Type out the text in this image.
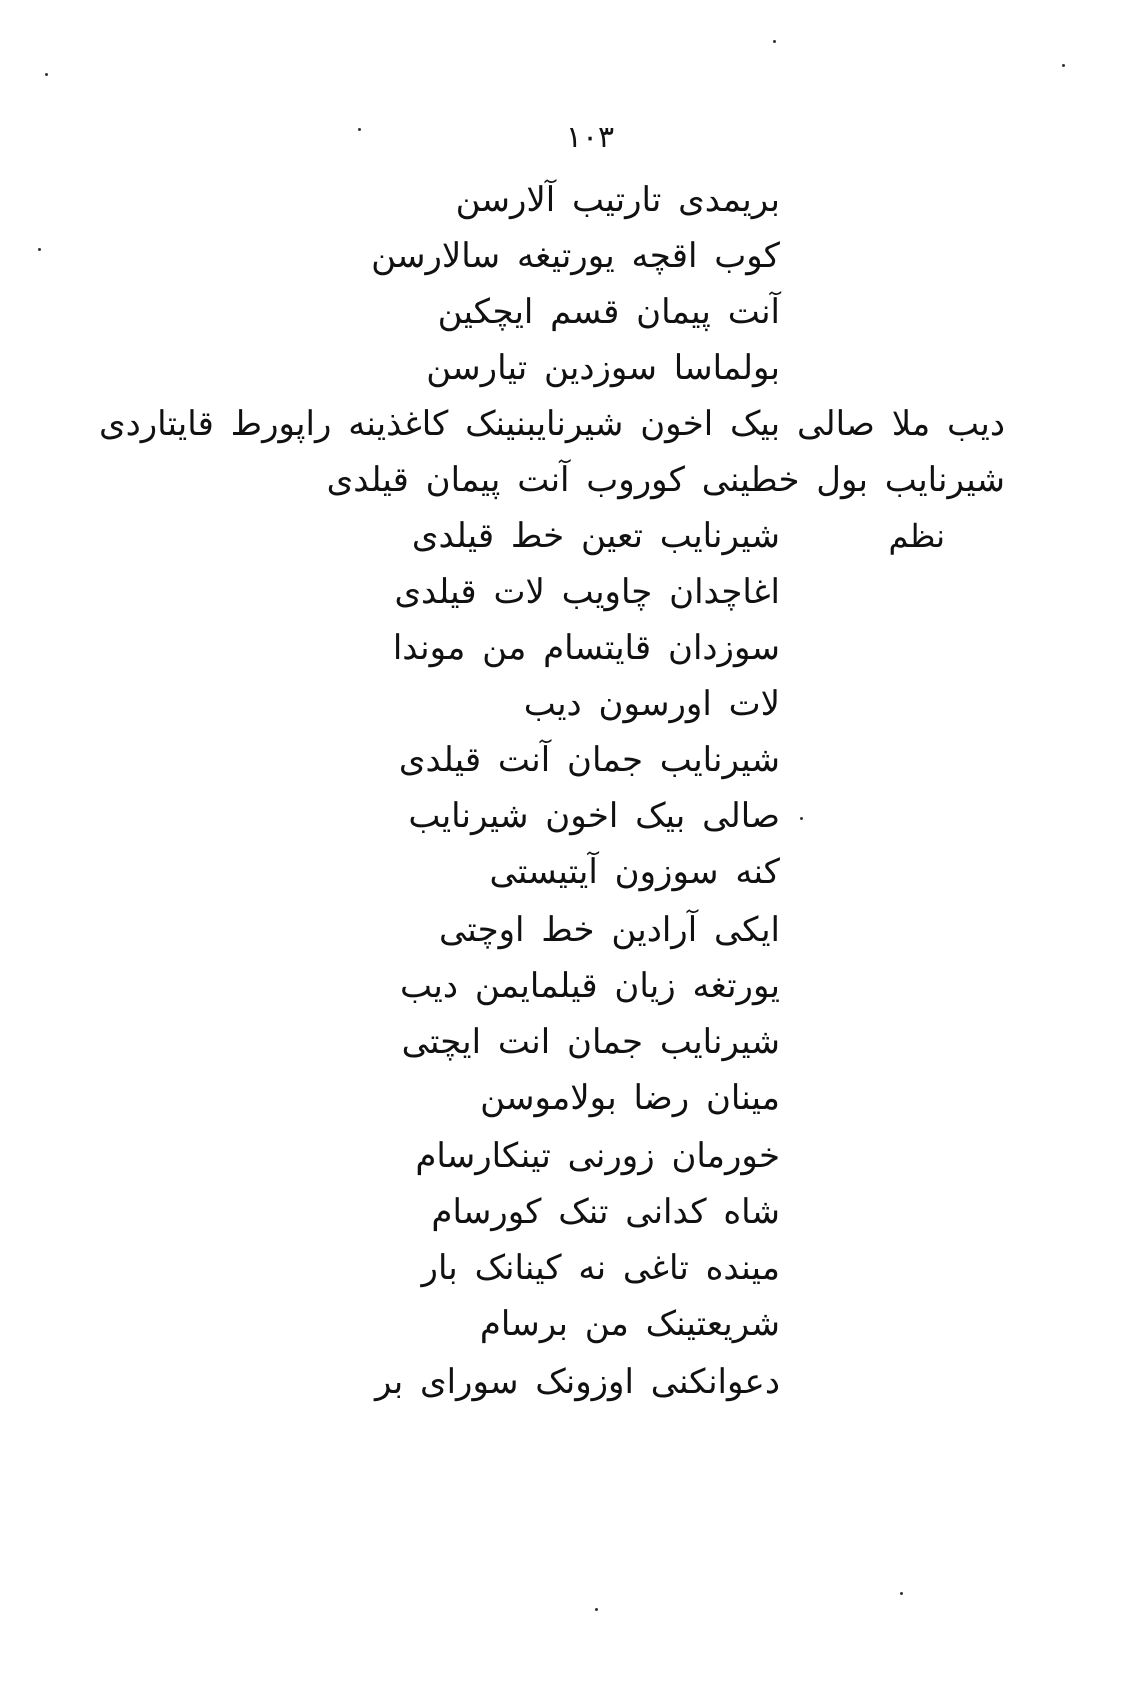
١٠٣
بریمدی تارتیب آلارسن
کوب اقچه یورتیغه سالارسن
آنت پیمان قسم ایچکین
بولماسا سوزدین تیارسن
دیب ملا صالی بیک اخون شیرنایبنینک کاغذینه راپورط قایتاردی
شیرنایب بول خطینی کوروب آنت پیمان قیلدی
نظم
شیرنایب تعین خط قیلدی
اغاچدان چاویب لات قیلدی
سوزدان قایتسام من موندا
لات اورسون دیب
شیرنایب جمان آنت قیلدی
صالی بیک اخون شیرنایب
کنه سوزون آیتیستی
ایکی آرادین خط اوچتی
یورتغه زیان قیلمایمن دیب
شیرنایب جمان انت ایچتی
مینان رضا بولاموسن
خورمان زورنی تینکارسام
شاه کدانی تنک کورسام
مینده تاغی نه کینانک بار
شریعتینک من برسام
دعوانکنی اوزونک سورای بر
